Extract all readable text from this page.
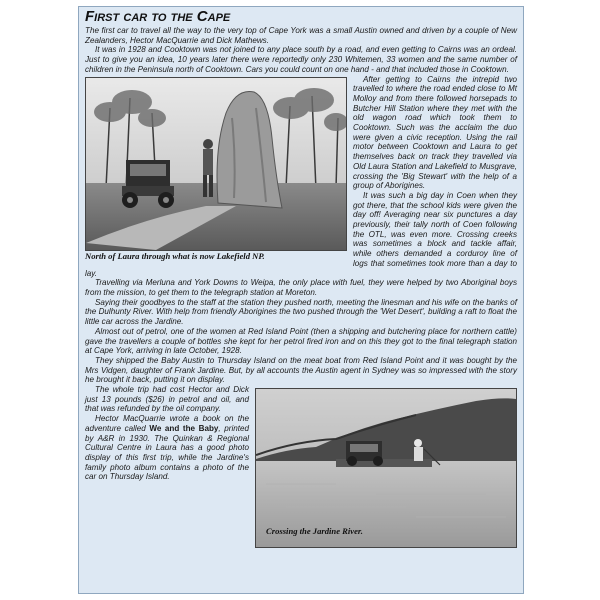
First car to the Cape

The first car to travel all the way to the very top of Cape York was a small Austin owned and driven by a couple of New Zealanders, Hector MacQuarrie and Dick Mathews.

It was in 1928 and Cooktown was not joined to any place south by a road, and even getting to Cairns was an ordeal. Just to give you an idea, 10 years later there were reportedly only 230 Whitemen, 33 women and the same number of children in the Peninsula north of Cooktown. Cars you could count on one hand - and that included those in Cooktown.

North of Laura through what is now Lakefield NP.

After getting to Cairns the intrepid two travelled to where the road ended close to Mt Molloy and from there followed horsepads to Butcher Hill Station where they met with the old wagon road which took them to Cooktown. Such was the acclaim the duo were given a civic reception. Using the rail motor between Cooktown and Laura to get themselves back on track they travelled via Old Laura Station and Lakefield to Musgrave, crossing the 'Big Stewart' with the help of a group of Aborigines.

It was such a big day in Coen when they got there, that the school kids were given the day off! Averaging near six punctures a day previously, their tally north of Coen following the OTL, was even more. Crossing creeks was sometimes a block and tackle affair, while others demanded a corduroy line of logs that sometimes took more than a day to lay.

Travelling via Merluna and York Downs to Weipa, the only place with fuel, they were helped by two Aboriginal boys from the mission, to get them to the telegraph station at Moreton.

Saying their goodbyes to the staff at the station they pushed north, meeting the linesman and his wife on the banks of the Dulhunty River. With help from friendly Aborigines the two pushed through the 'Wet Desert', building a raft to float the little car across the Jardine.

Almost out of petrol, one of the women at Red Island Point (then a shipping and butchering place for northern cattle) gave the travellers a couple of bottles she kept for her petrol fired iron and on this they got to the final telegraph station at Cape York, arriving in late October, 1928.

They shipped the Baby Austin to Thursday Island on the meat boat from Red Island Point and it was bought by the Mrs Vidgen, daughter of Frank Jardine. But, by all accounts the Austin agent in Sydney was so impressed with the story he brought it back, putting it on display.

Crossing the Jardine River.

The whole trip had cost Hector and Dick just 13 pounds ($26) in petrol and oil, and that was refunded by the oil company.

Hector MacQuarrie wrote a book on the adventure called We and the Baby, printed by A&R in 1930. The Quinkan & Regional Cultural Centre in Laura has a good photo display of this first trip, while the Jardine's family photo album contains a photo of the car on Thursday Island.
